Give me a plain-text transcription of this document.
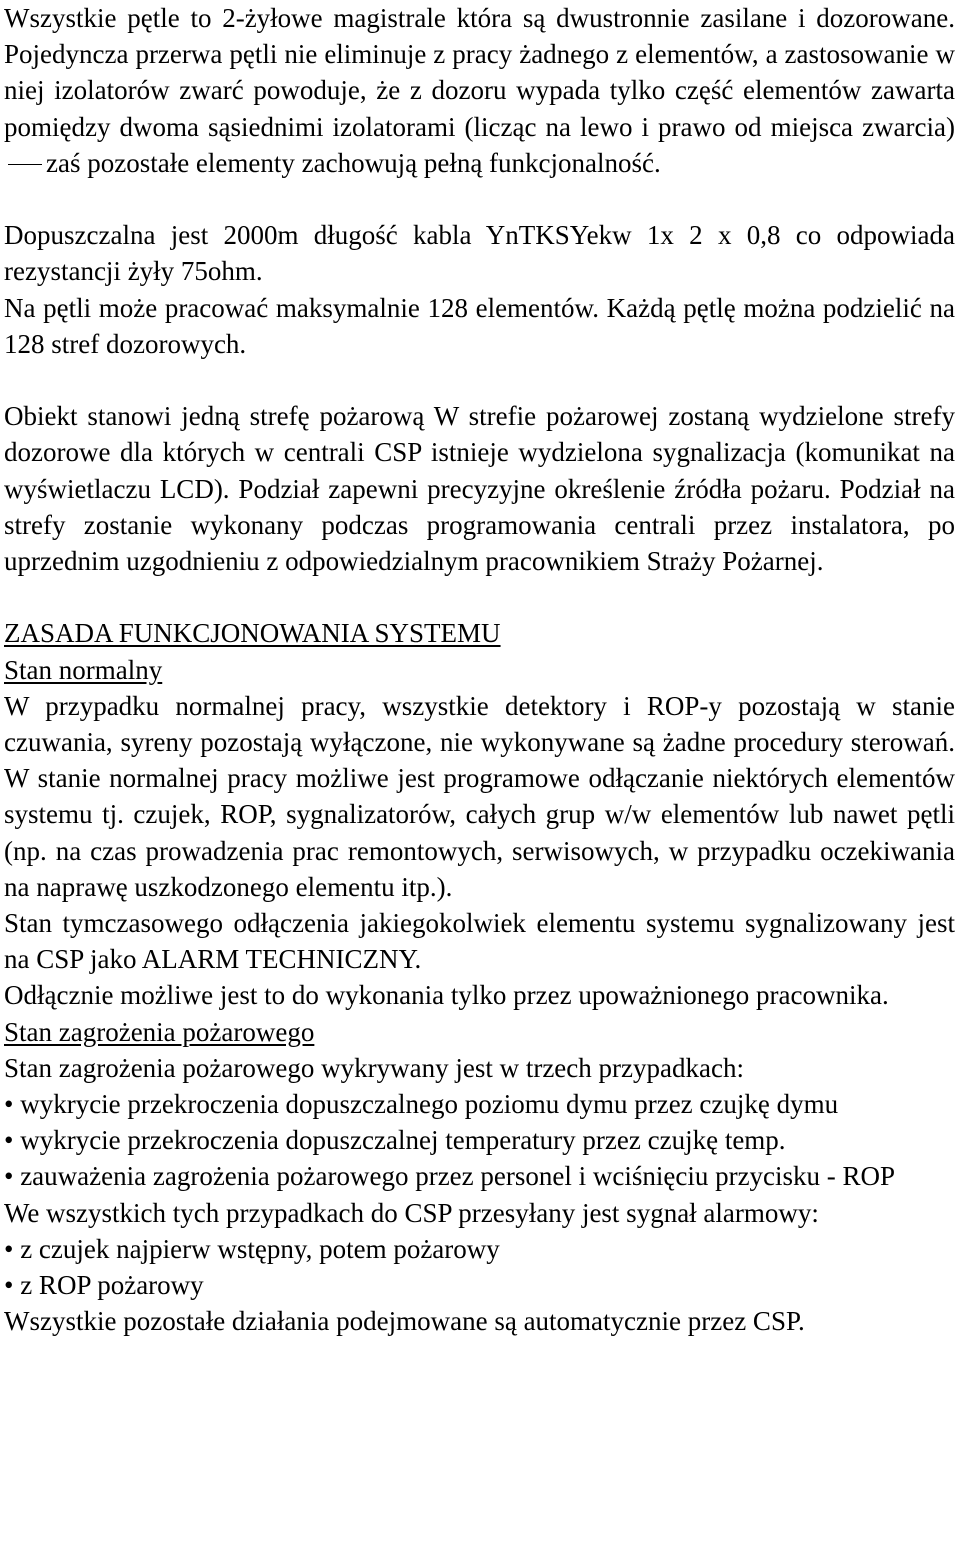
Wszystkie pętle to 2-żyłowe magistrale która są dwustronnie zasilane i dozorowane. Pojedyncza przerwa pętli nie eliminuje z pracy żadnego z elementów, a zastosowanie w niej izolatorów zwarć powoduje, że z dozoru wypada tylko część elementów zawarta pomiędzy dwoma sąsiednimi izolatorami (licząc na lewo i prawo od miejsca zwarcia)zaś pozostałe elementy zachowują pełną funkcjonalność.

Dopuszczalna jest 2000m długość kabla YnTKSYekw 1x 2 x 0,8 co odpowiada rezystancji żyły 75ohm.

Na pętli może pracować maksymalnie 128 elementów. Każdą pętlę można podzielić na 128 stref dozorowych.

Obiekt stanowi jedną strefę pożarową W strefie pożarowej zostaną wydzielone strefy dozorowe dla których w centrali CSP istnieje wydzielona sygnalizacja (komunikat na wyświetlaczu LCD). Podział zapewni precyzyjne określenie źródła pożaru. Podział na strefy zostanie wykonany podczas programowania centrali przez instalatora, po uprzednim uzgodnieniu z odpowiedzialnym pracownikiem Straży Pożarnej.

ZASADA FUNKCJONOWANIA SYSTEMU

Stan normalny

W przypadku normalnej pracy, wszystkie detektory i ROP-y pozostają w stanie czuwania, syreny pozostają wyłączone, nie wykonywane są żadne procedury sterowań. W stanie normalnej pracy możliwe jest programowe odłączanie niektórych elementów systemu tj. czujek, ROP, sygnalizatorów, całych grup w/w elementów lub nawet pętli (np. na czas prowadzenia prac remontowych, serwisowych, w przypadku oczekiwania na naprawę uszkodzonego elementu itp.).

Stan tymczasowego odłączenia jakiegokolwiek elementu systemu sygnalizowany jest na CSP jako ALARM TECHNICZNY.

Odłącznie możliwe jest to do wykonania tylko przez upoważnionego pracownika.

Stan zagrożenia pożarowego

Stan zagrożenia pożarowego wykrywany jest w trzech przypadkach:

• wykrycie przekroczenia dopuszczalnego poziomu dymu przez czujkę dymu

• wykrycie przekroczenia dopuszczalnej temperatury przez czujkę temp.

• zauważenia zagrożenia pożarowego przez personel i wciśnięciu przycisku - ROP

We wszystkich tych przypadkach do CSP przesyłany jest sygnał alarmowy:

• z czujek najpierw wstępny, potem pożarowy

• z ROP pożarowy

Wszystkie pozostałe działania podejmowane są automatycznie przez CSP.
